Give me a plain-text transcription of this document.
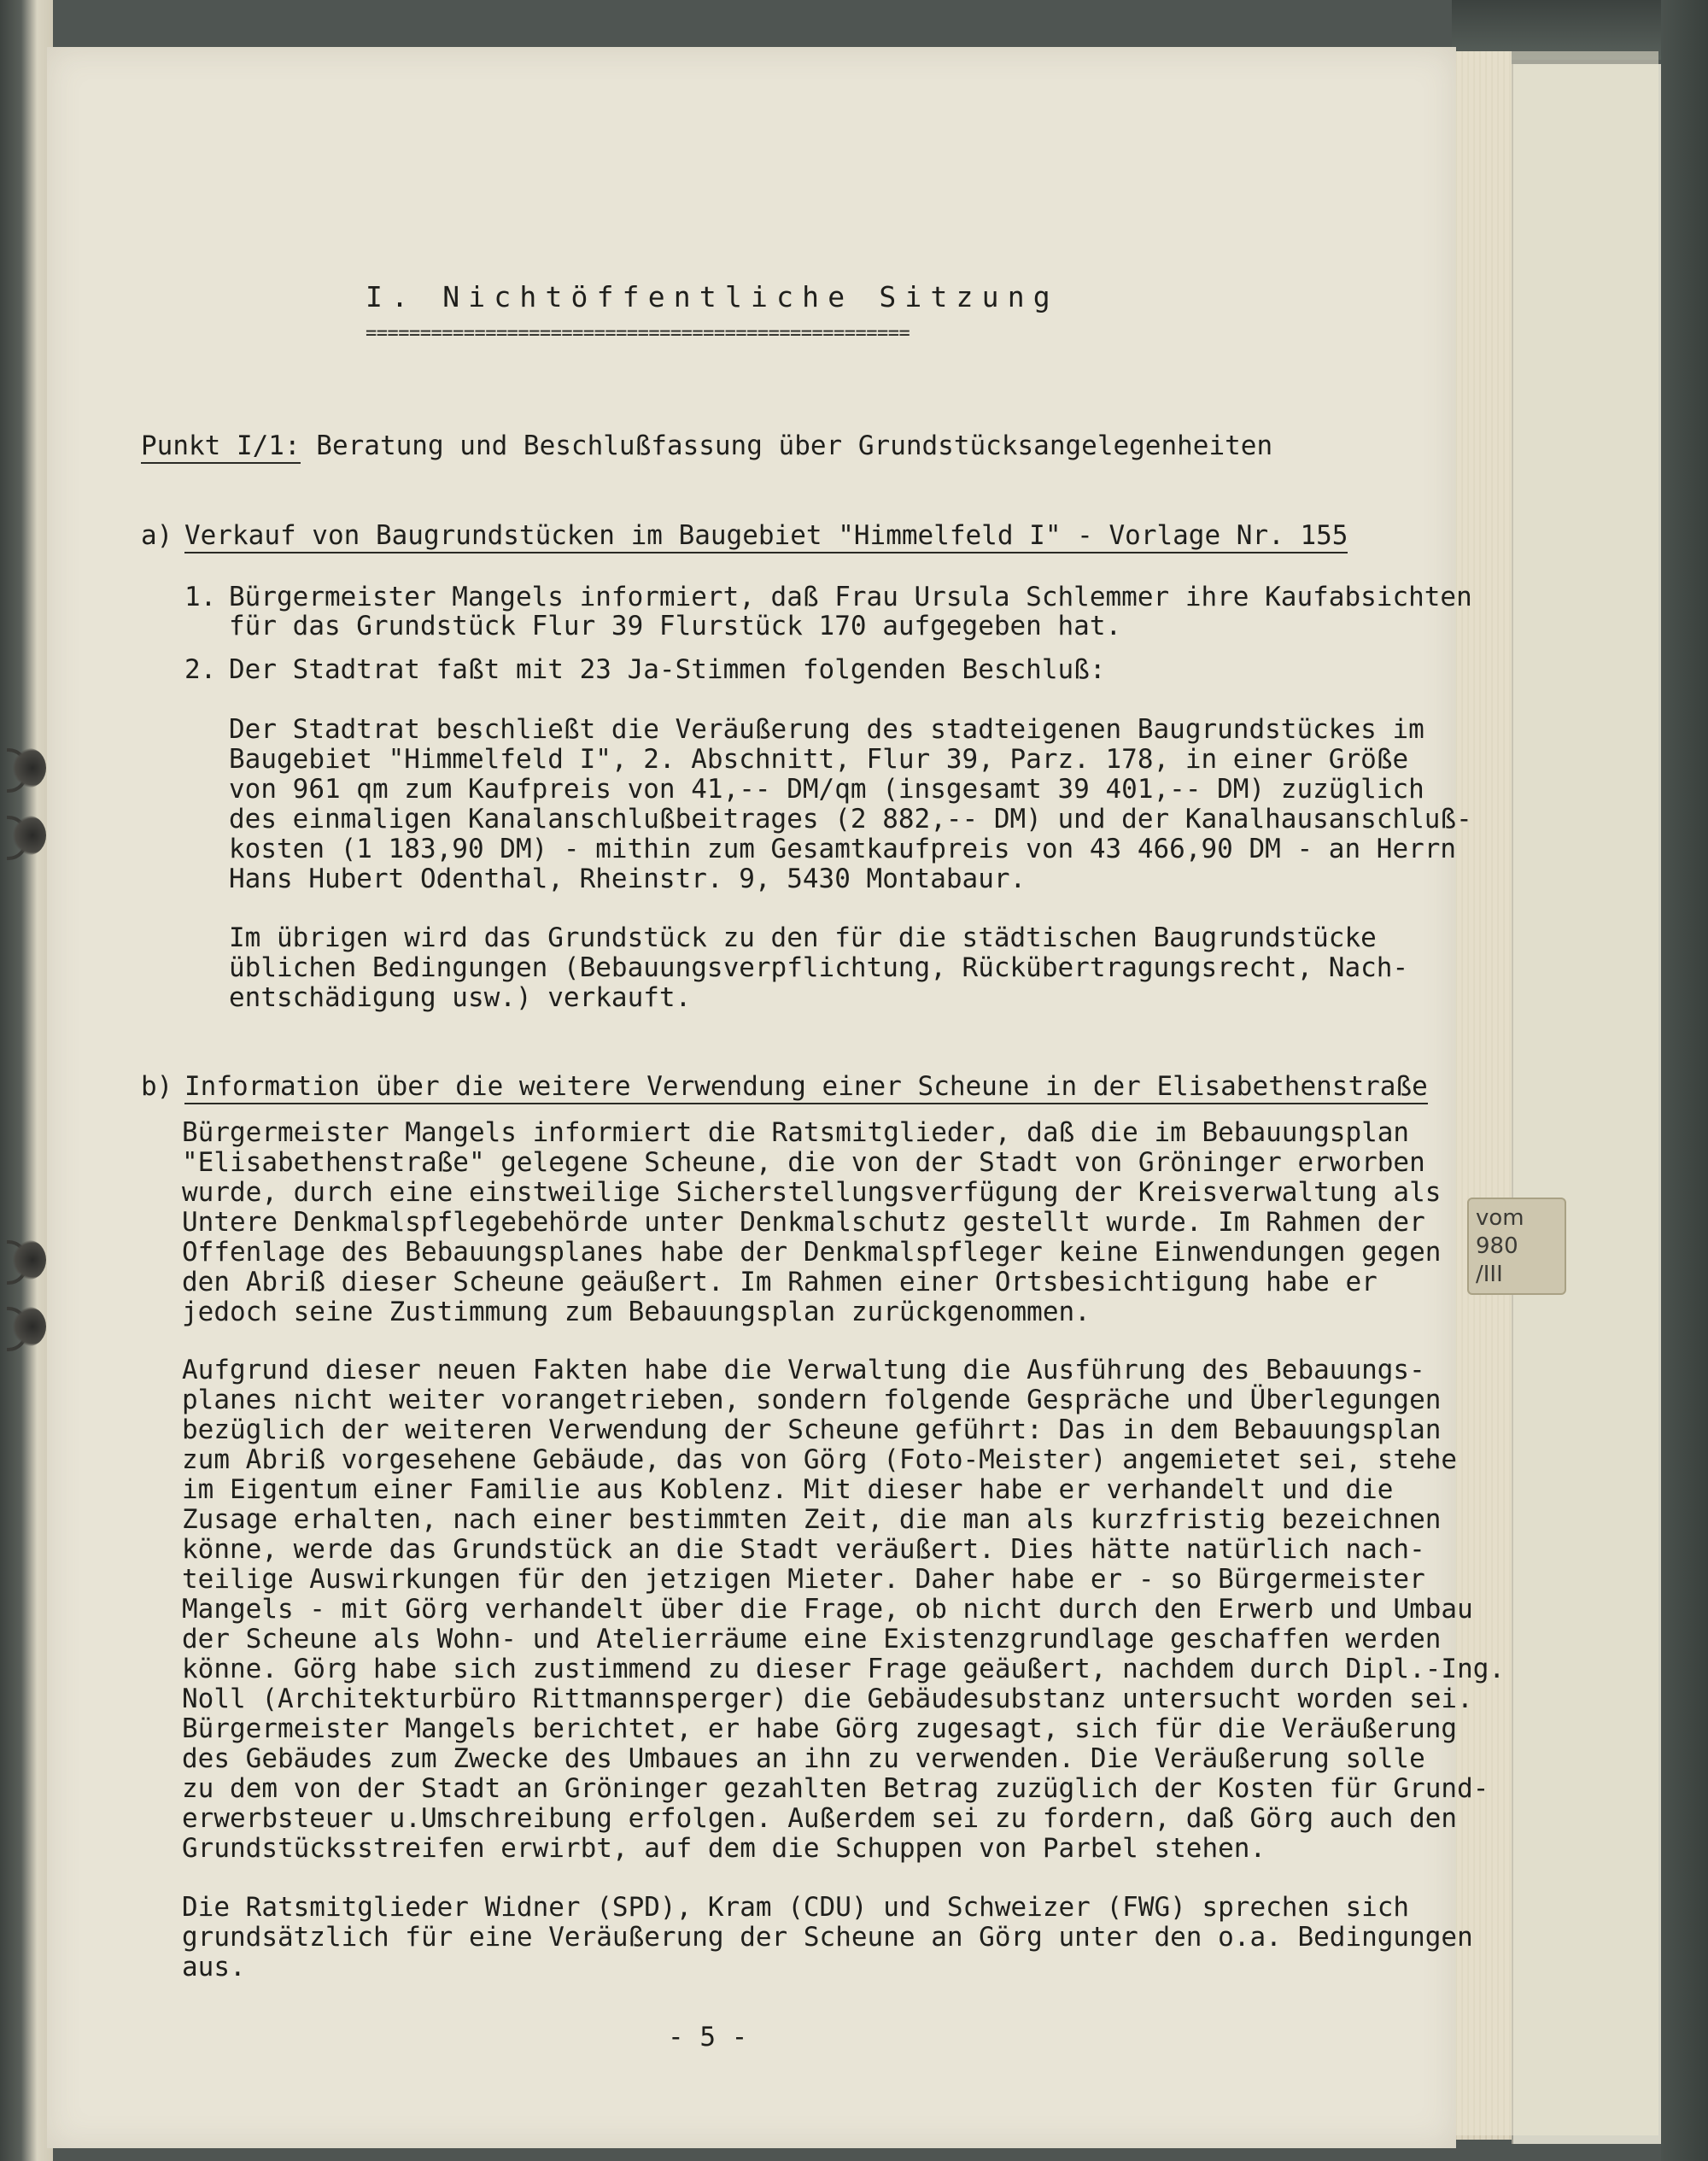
vom
980
/III
I. Nichtöffentliche Sitzung
==================================================
Punkt I/1: Beratung und Beschlußfassung über Grundstücksangelegenheiten
a) Verkauf von Baugrundstücken im Baugebiet "Himmelfeld I" - Vorlage Nr. 155
1. Bürgermeister Mangels informiert, daß Frau Ursula Schlemmer ihre Kaufabsichten
für das Grundstück Flur 39 Flurstück 170 aufgegeben hat.
2. Der Stadtrat faßt mit 23 Ja-Stimmen folgenden Beschluß:
Der Stadtrat beschließt die Veräußerung des stadteigenen Baugrundstückes im
Baugebiet "Himmelfeld I", 2. Abschnitt, Flur 39, Parz. 178, in einer Größe
von 961 qm zum Kaufpreis von 41,-- DM/qm (insgesamt 39 401,-- DM) zuzüglich
des einmaligen Kanalanschlußbeitrages (2 882,-- DM) und der Kanalhausanschluß-
kosten (1 183,90 DM) - mithin zum Gesamtkaufpreis von 43 466,90 DM - an Herrn
Hans Hubert Odenthal, Rheinstr. 9, 5430 Montabaur.
Im übrigen wird das Grundstück zu den für die städtischen Baugrundstücke
üblichen Bedingungen (Bebauungsverpflichtung, Rückübertragungsrecht, Nach-
entschädigung usw.) verkauft.
b) Information über die weitere Verwendung einer Scheune in der Elisabethenstraße
Bürgermeister Mangels informiert die Ratsmitglieder, daß die im Bebauungsplan
"Elisabethenstraße" gelegene Scheune, die von der Stadt von Gröninger erworben
wurde, durch eine einstweilige Sicherstellungsverfügung der Kreisverwaltung als
Untere Denkmalspflegebehörde unter Denkmalschutz gestellt wurde. Im Rahmen der
Offenlage des Bebauungsplanes habe der Denkmalspfleger keine Einwendungen gegen
den Abriß dieser Scheune geäußert. Im Rahmen einer Ortsbesichtigung habe er
jedoch seine Zustimmung zum Bebauungsplan zurückgenommen.
Aufgrund dieser neuen Fakten habe die Verwaltung die Ausführung des Bebauungs-
planes nicht weiter vorangetrieben, sondern folgende Gespräche und Überlegungen
bezüglich der weiteren Verwendung der Scheune geführt: Das in dem Bebauungsplan
zum Abriß vorgesehene Gebäude, das von Görg (Foto-Meister) angemietet sei, stehe
im Eigentum einer Familie aus Koblenz. Mit dieser habe er verhandelt und die
Zusage erhalten, nach einer bestimmten Zeit, die man als kurzfristig bezeichnen
könne, werde das Grundstück an die Stadt veräußert. Dies hätte natürlich nach-
teilige Auswirkungen für den jetzigen Mieter. Daher habe er - so Bürgermeister
Mangels - mit Görg verhandelt über die Frage, ob nicht durch den Erwerb und Umbau
der Scheune als Wohn- und Atelierräume eine Existenzgrundlage geschaffen werden
könne. Görg habe sich zustimmend zu dieser Frage geäußert, nachdem durch Dipl.-Ing.
Noll (Architekturbüro Rittmannsperger) die Gebäudesubstanz untersucht worden sei.
Bürgermeister Mangels berichtet, er habe Görg zugesagt, sich für die Veräußerung
des Gebäudes zum Zwecke des Umbaues an ihn zu verwenden. Die Veräußerung solle
zu dem von der Stadt an Gröninger gezahlten Betrag zuzüglich der Kosten für Grund-
erwerbsteuer u.Umschreibung erfolgen. Außerdem sei zu fordern, daß Görg auch den
Grundstücksstreifen erwirbt, auf dem die Schuppen von Parbel stehen.
Die Ratsmitglieder Widner (SPD), Kram (CDU) und Schweizer (FWG) sprechen sich
grundsätzlich für eine Veräußerung der Scheune an Görg unter den o.a. Bedingungen
aus.
- 5 -
